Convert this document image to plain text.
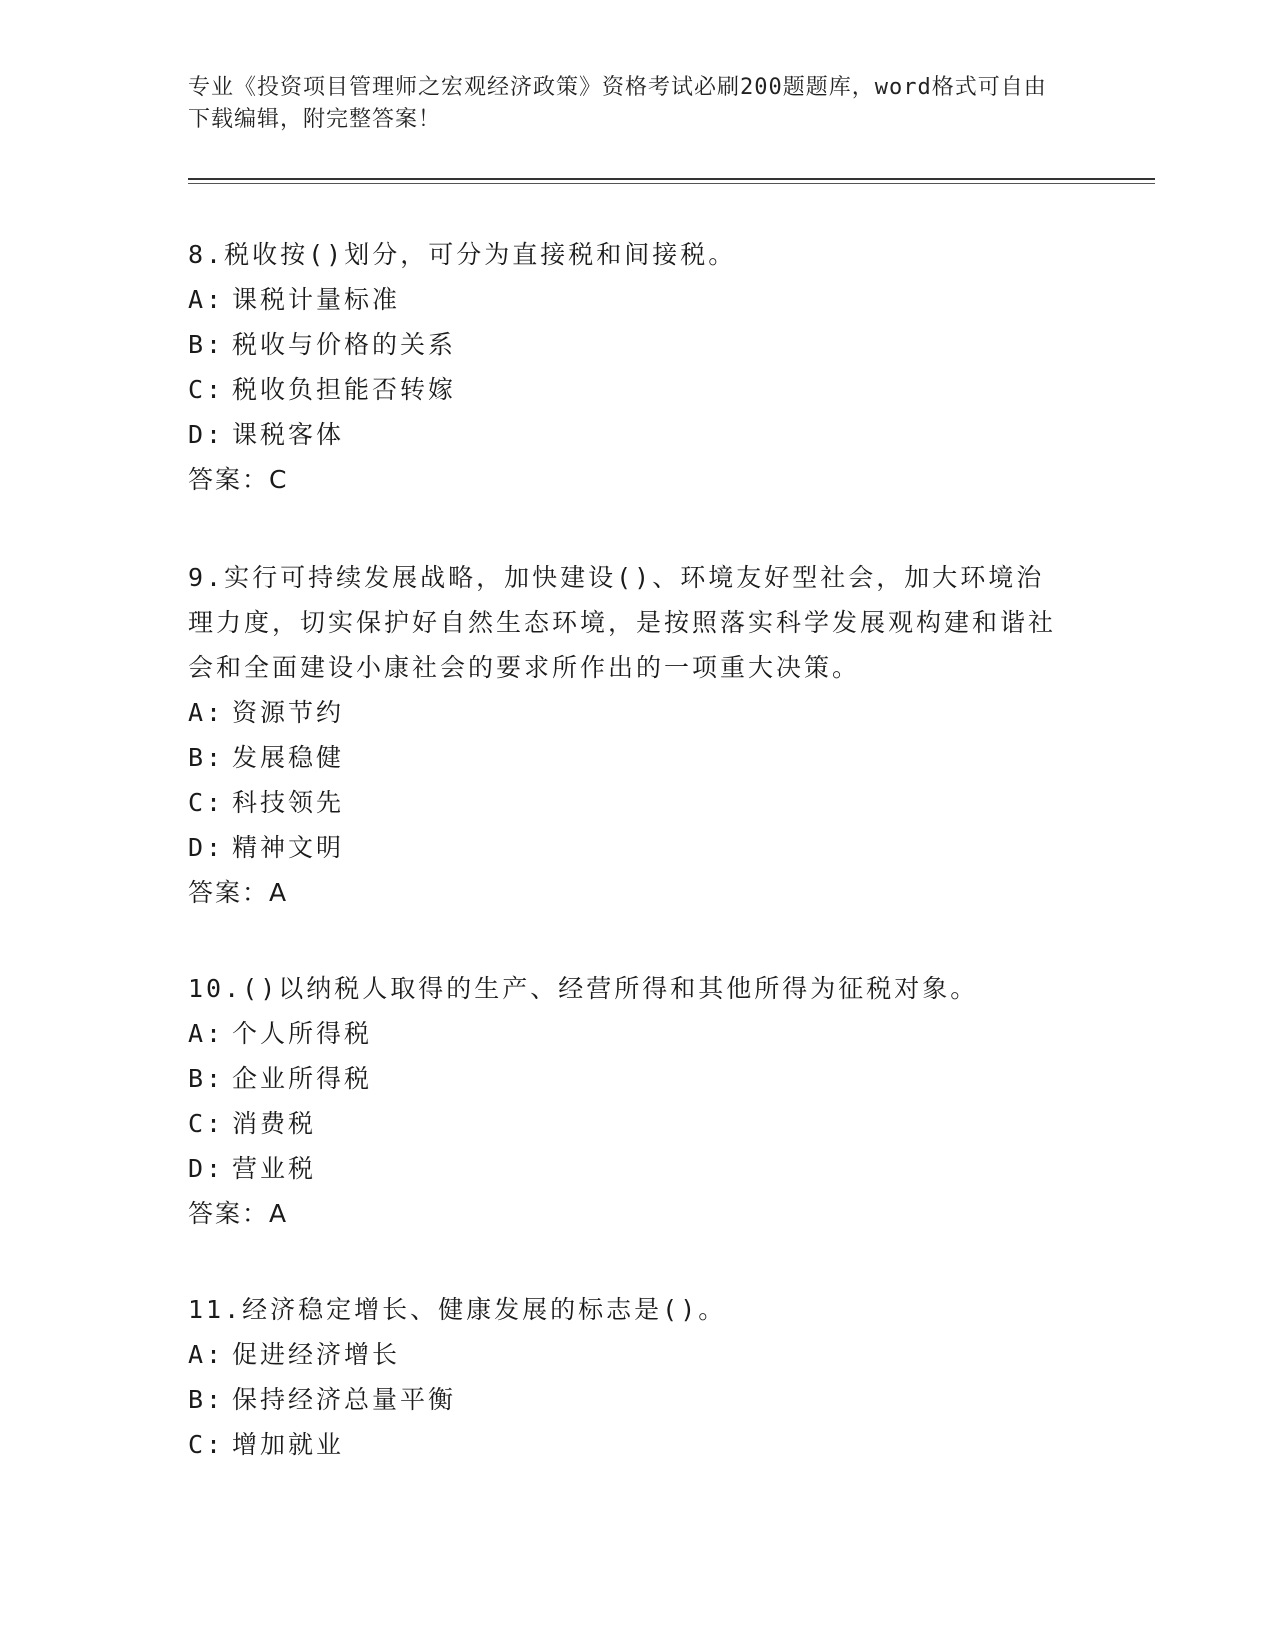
专业《投资项目管理师之宏观经济政策》资格考试必刷200题题库，word格式可自由下载编辑，附完整答案！

8.税收按()划分，可分为直接税和间接税。

A: 课税计量标准

B: 税收与价格的关系

C: 税收负担能否转嫁

D: 课税客体

答案：C

9.实行可持续发展战略，加快建设()、环境友好型社会，加大环境治理力度，切实保护好自然生态环境，是按照落实科学发展观构建和谐社会和全面建设小康社会的要求所作出的一项重大决策。

A: 资源节约

B: 发展稳健

C: 科技领先

D: 精神文明

答案：A

10.()以纳税人取得的生产、经营所得和其他所得为征税对象。

A: 个人所得税

B: 企业所得税

C: 消费税

D: 营业税

答案：A

11.经济稳定增长、健康发展的标志是()。

A: 促进经济增长

B: 保持经济总量平衡

C: 增加就业
